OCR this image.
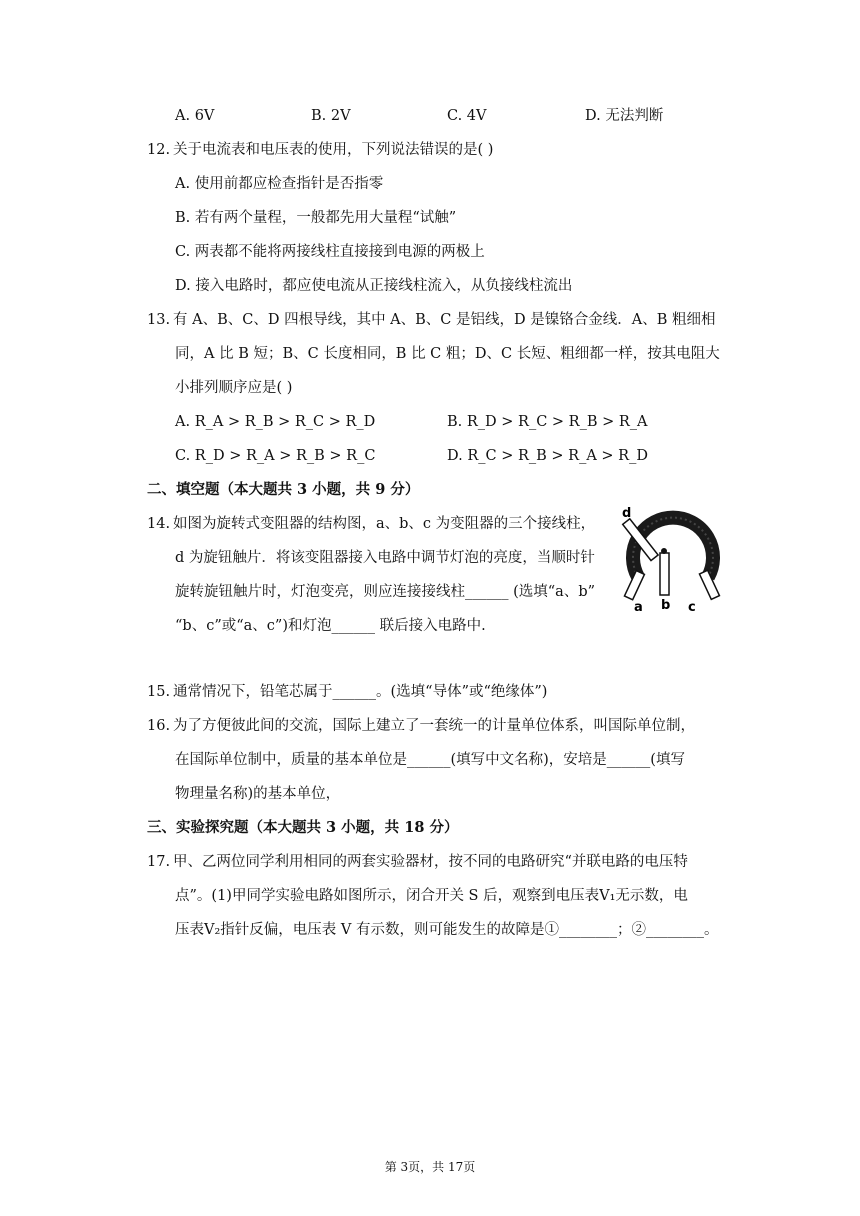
A. 6V	B. 2V	C. 4V	D. 无法判断
12. 关于电流表和电压表的使用，下列说法错误的是( )
A. 使用前都应检查指针是否指零
B. 若有两个量程，一般都先用大量程“试触”
C. 两表都不能将两接线柱直接接到电源的两极上
D. 接入电路时，都应使电流从正接线柱流入，从负接线柱流出
13. 有 A、B、C、D 四根导线，其中 A、B、C 是铝线，D 是镍铬合金线．A、B 粗细相
同，A 比 B 短；B、C 长度相同，B 比 C 粗；D、C 长短、粗细都一样，按其电阻大
小排列顺序应是( )
A. R_A > R_B > R_C > R_D	B. R_D > R_C > R_B > R_A
C. R_D > R_A > R_B > R_C	D. R_C > R_B > R_A > R_D
二、填空题（本大题共 3 小题，共 9 分）
14. 如图为旋转式变阻器的结构图，a、b、c 为变阻器的三个接线柱，
d 为旋钮触片．将该变阻器接入电路中调节灯泡的亮度，当顺时针
旋转旋钮触片时，灯泡变亮，则应连接接线柱______ (选填“a、b”
“b、c”或“a、c”)和灯泡______ 联后接入电路中.
d
a b c
15. 通常情况下，铅笔芯属于______。(选填“导体”或“绝缘体”)
16. 为了方便彼此间的交流，国际上建立了一套统一的计量单位体系，叫国际单位制，
在国际单位制中，质量的基本单位是______(填写中文名称)，安培是______(填写
物理量名称)的基本单位，
三、实验探究题（本大题共 3 小题，共 18 分）
17. 甲、乙两位同学利用相同的两套实验器材，按不同的电路研究“并联电路的电压特
点”。(1)甲同学实验电路如图所示，闭合开关 S 后，观察到电压表V₁无示数，电
压表V₂指针反偏，电压表 V 有示数，则可能发生的故障是①________；②________。
第 3页，共 17页
